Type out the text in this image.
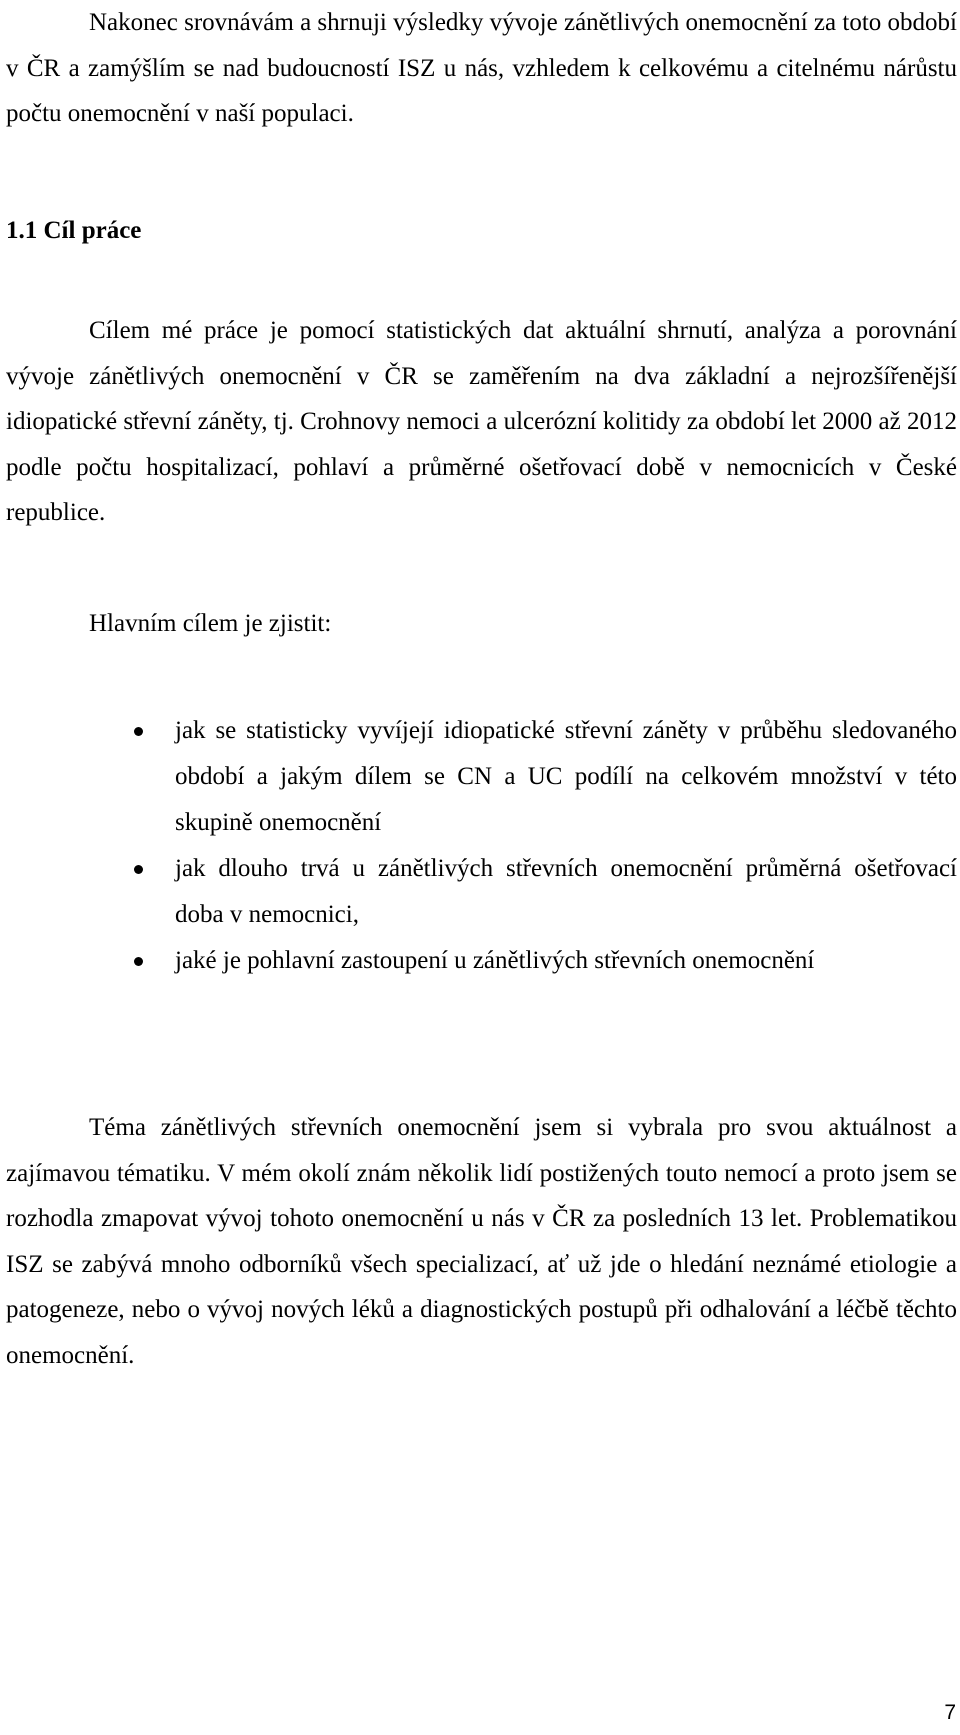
Nakonec srovnávám a shrnuji výsledky vývoje zánětlivých onemocnění za toto období v ČR a zamýšlím se nad budoucností ISZ u nás, vzhledem k celkovému a citelnému nárůstu počtu onemocnění v naší populaci.

1.1 Cíl práce

Cílem mé práce je pomocí statistických dat aktuální shrnutí, analýza a porovnání vývoje zánětlivých onemocnění v ČR se zaměřením na dva základní a nejrozšířenější idiopatické střevní záněty, tj. Crohnovy nemoci a ulcerózní kolitidy za období let 2000 až 2012 podle počtu hospitalizací, pohlaví a průměrné ošetřovací době v nemocnicích v České republice.

Hlavním cílem je zjistit:

jak se statisticky vyvíjejí idiopatické střevní záněty v průběhu sledovaného období a jakým dílem se CN a UC podílí na celkovém množství v této skupině onemocnění
jak dlouho trvá u zánětlivých střevních onemocnění průměrná ošetřovací doba v nemocnici,
jaké je pohlavní zastoupení u zánětlivých střevních onemocnění

Téma zánětlivých střevních onemocnění jsem si vybrala pro svou aktuálnost a zajímavou tématiku. V mém okolí znám několik lidí postižených touto nemocí a proto jsem se rozhodla zmapovat vývoj tohoto onemocnění u nás v ČR za posledních 13 let. Problematikou ISZ se zabývá mnoho odborníků všech specializací, ať už jde o hledání neznámé etiologie a patogeneze, nebo o vývoj nových léků a diagnostických postupů při odhalování a léčbě těchto onemocnění.

7
